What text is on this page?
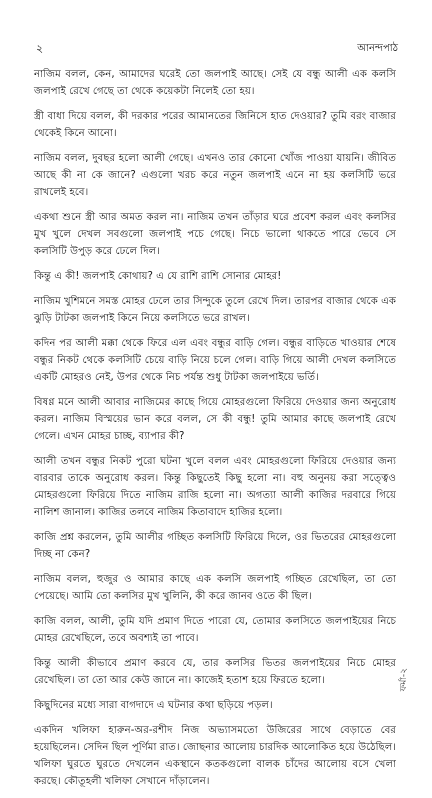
২	আনন্দপাঠ

নাজিম বলল, কেন, আমাদের ঘরেই তো জলপাই আছে। সেই যে বন্ধু আলী এক কলসি জলপাই রেখে গেছে তা থেকে কয়েকটা নিলেই তো হয়।

স্ত্রী বাধা দিয়ে বলল, কী দরকার পরের আমানতের জিনিসে হাত দেওয়ার? তুমি বরং বাজার থেকেই কিনে আনো।

নাজিম বলল, দুবছর হলো আলী গেছে। এখনও তার কোনো খোঁজ পাওয়া যায়নি। জীবিত আছে কী না কে জানে? এগুলো খরচ করে নতুন জলপাই এনে না হয় কলসিটি ভরে রাখলেই হবে।

একথা শুনে স্ত্রী আর অমত করল না। নাজিম তখন তাঁড়ার ঘরে প্রবেশ করল এবং কলসির মুখ খুলে দেখল সবগুলো জলপাই পচে গেছে। নিচে ভালো থাকতে পারে ভেবে সে কলসিটি উপুড় করে ঢেলে দিল।

কিন্তু এ কী! জলপাই কোথায়? এ যে রাশি রাশি সোনার মোহর!

নাজিম খুশিমনে সমস্ত মোহর ঢেলে তার সিন্দুকে তুলে রেখে দিল। তারপর বাজার থেকে এক ঝুড়ি টাটকা জলপাই কিনে নিয়ে কলসিতে ভরে রাখল।

কদিন পর আলী মক্কা থেকে ফিরে এল এবং বন্ধুর বাড়ি গেল। বন্ধুর বাড়িতে খাওয়ার শেষে বন্ধুর নিকট থেকে কলসিটি চেয়ে বাড়ি নিয়ে চলে গেল। বাড়ি গিয়ে আলী দেখল কলসিতে একটি মোহরও নেই, উপর থেকে নিচ পর্যন্ত শুধু টাটকা জলপাইয়ে ভর্তি।

বিষণ্ণ মনে আলী আবার নাজিমের কাছে গিয়ে মোহরগুলো ফিরিয়ে দেওয়ার জন্য অনুরোধ করল। নাজিম বিস্ময়ের ভান করে বলল, সে কী বন্ধু! তুমি আমার কাছে জলপাই রেখে গেলে। এখন মোহর চাচ্ছ, ব্যাপার কী?

আলী তখন বন্ধুর নিকট পুরো ঘটনা খুলে বলল এবং মোহরগুলো ফিরিয়ে দেওয়ার জন্য বারবার তাকে অনুরোধ করল। কিন্তু কিছুতেই কিছু হলো না। বহু অনুনয় করা সত্ত্বেও মোহরগুলো ফিরিয়ে দিতে নাজিম রাজি হলো না। অগত্যা আলী কাজির দরবারে গিয়ে নালিশ জানাল। কাজির তলবে নাজিম কিতাবাদে হাজির হলো।

কাজি প্রশ্ন করলেন, তুমি আলীর গচ্ছিত কলসিটি ফিরিয়ে দিলে, ওর ভিতরের মোহরগুলো দিচ্ছ না কেন?

নাজিম বলল, হুজুর ও আমার কাছে এক কলসি জলপাই গচ্ছিত রেখেছিল, তা তো পেয়েছে। আমি তো কলসির মুখ খুলিনি, কী করে জানব ওতে কী ছিল।

কাজি বলল, আলী, তুমি যদি প্রমাণ দিতে পারো যে, তোমার কলসিতে জলপাইয়ের নিচে মোহর রেখেছিলে, তবে অবশ্যই তা পাবে।

কিন্তু আলী কীভাবে প্রমাণ করবে যে, তার কলসির ভিতর জলপাইয়ের নিচে মোহর রেখেছিল। তা তো আর কেউ জানে না। কাজেই হতাশ হয়ে ফিরতে হলো।

কিছুদিনের মধ্যে সারা বাগদাদে এ ঘটনার কথা ছড়িয়ে পড়ল।

একদিন খলিফা হারুন-অর-রশীদ নিজ অভ্যাসমতো উজিরের সাথে বেড়াতে বের হয়েছিলেন। সেদিন ছিল পূর্ণিমা রাত। জোছনার আলোয় চারদিক আলোকিত হয়ে উঠেছিল। খলিফা ঘুরতে ঘুরতে দেখলেন একস্থানে কতকগুলো বালক চাঁদের আলোয় বসে খেলা করছে। কৌতূহলী খলিফা সেখানে দাঁড়ালেন।

ফর্মা-২
